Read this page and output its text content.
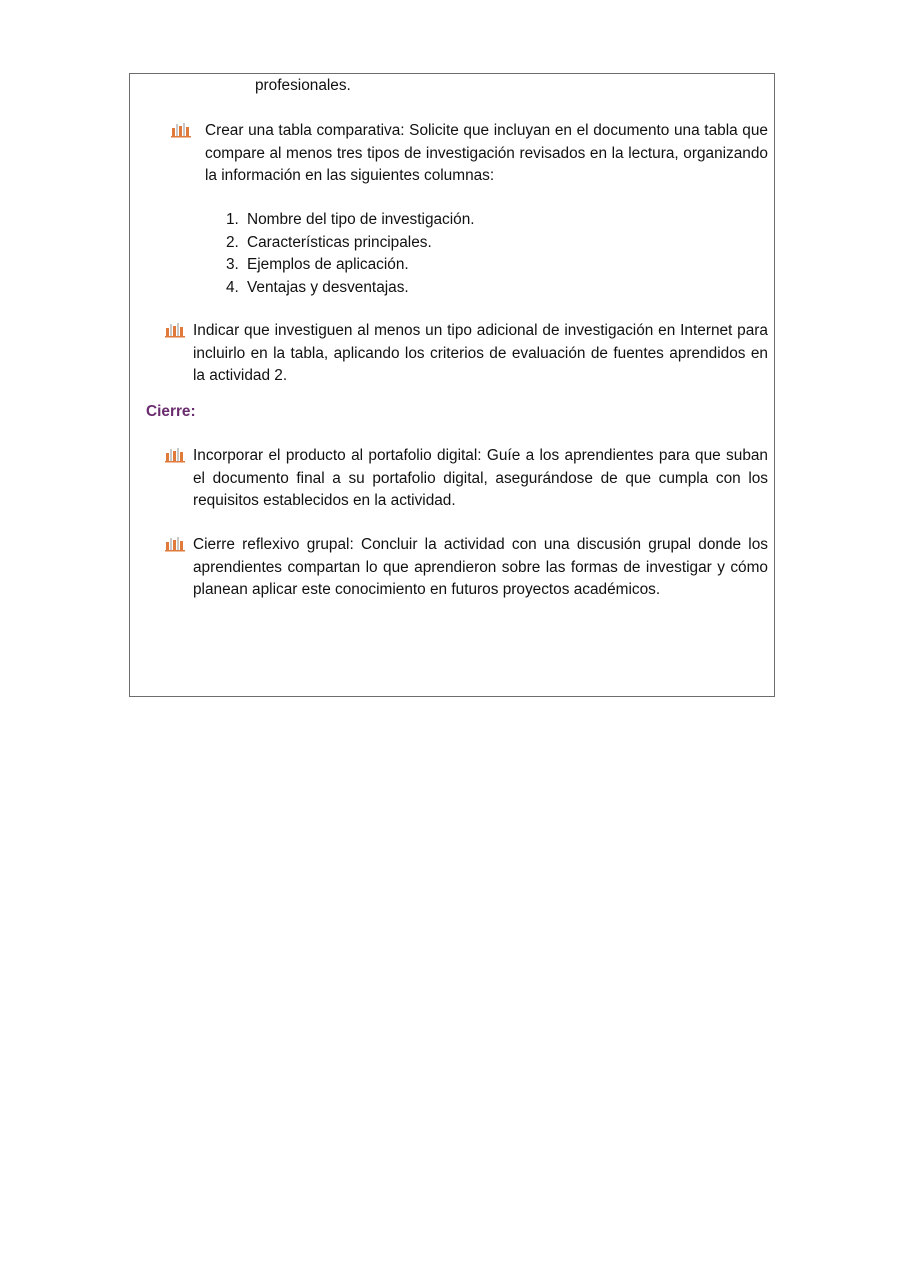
profesionales.

Crear una tabla comparativa: Solicite que incluyan en el documento una tabla que compare al menos tres tipos de investigación revisados en la lectura, organizando la información en las siguientes columnas:

1. Nombre del tipo de investigación.
2. Características principales.
3. Ejemplos de aplicación.
4. Ventajas y desventajas.

Indicar que investiguen al menos un tipo adicional de investigación en Internet para incluirlo en la tabla, aplicando los criterios de evaluación de fuentes aprendidos en la actividad 2.

Cierre:

Incorporar el producto al portafolio digital: Guíe a los aprendientes para que suban el documento final a su portafolio digital, asegurándose de que cumpla con los requisitos establecidos en la actividad.

Cierre reflexivo grupal: Concluir la actividad con una discusión grupal donde los aprendientes compartan lo que aprendieron sobre las formas de investigar y cómo planean aplicar este conocimiento en futuros proyectos académicos.
